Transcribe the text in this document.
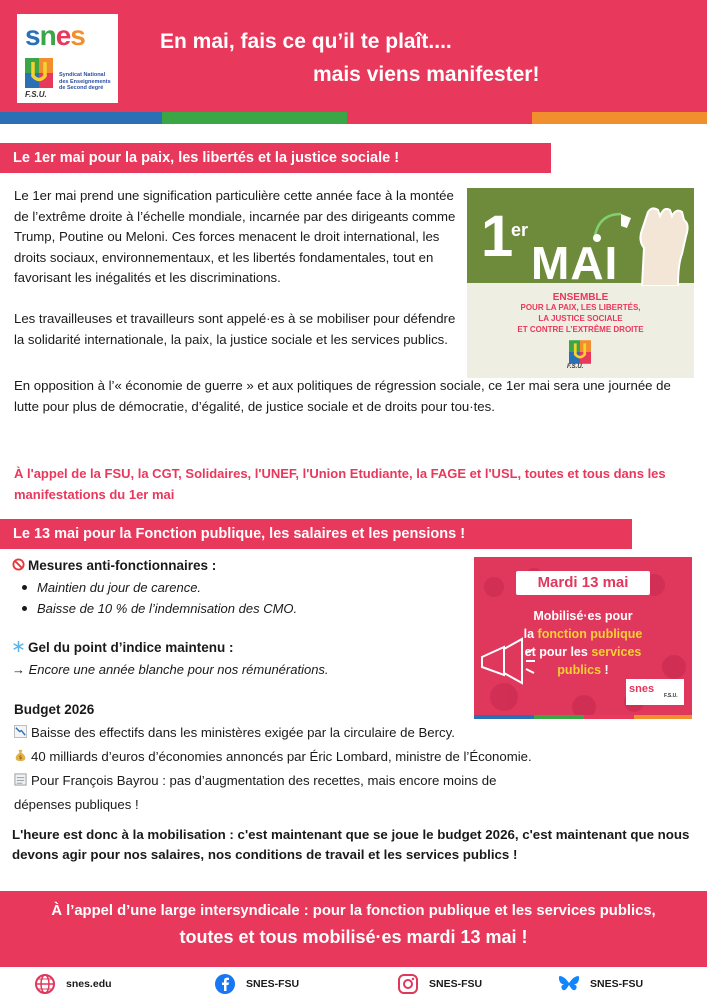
snes
F.S.U.
Syndicat National des Enseignements de Second degré
En mai, fais ce qu’il te plaît....
mais viens manifester!
Le 1er mai pour la paix, les libertés et la justice sociale !
Le 1er mai prend une signification particulière cette année face à la montée de l’extrême droite à l’échelle mondiale, incarnée par des dirigeants comme Trump, Poutine ou Meloni. Ces forces menacent le droit international, les droits sociaux, environnementaux, et les libertés fondamentales, tout en favorisant les inégalités et les discriminations.
Les travailleuses et travailleurs sont appelé·es à se mobiliser pour défendre la solidarité internationale, la paix, la justice sociale et les services publics.
En opposition à l’« économie de guerre » et aux politiques de régression sociale, ce 1er mai sera une journée de lutte pour plus de démocratie, d’égalité, de justice sociale et de droits pour tou·tes.
1
er
MAI
ENSEMBLE
POUR LA PAIX, LES LIBERTÉS,
LA JUSTICE SOCIALE
ET CONTRE L’EXTRÊME DROITE
F.S.U.
À l'appel de la FSU, la CGT, Solidaires, l'UNEF, l'Union Etudiante, la FAGE et l'USL, toutes et tous dans les manifestations du 1er mai
Le 13 mai pour la Fonction publique, les salaires et les pensions !
Mesures anti-fonctionnaires :
Maintien du jour de carence.
Baisse de 10 % de l’indemnisation des CMO.
Gel du point d’indice maintenu :
→ Encore une année blanche pour nos rémunérations.
Mardi 13 mai
Mobilisé·es pour
la fonction publique
et pour les services
publics !
snes
F.S.U.
Budget 2026
Baisse des effectifs dans les ministères exigée par la circulaire de Bercy.
$ 40 milliards d’euros d’économies annoncés par Éric Lombard, ministre de l’Économie.
Pour François Bayrou : pas d’augmentation des recettes, mais encore moins de
dépenses publiques !
L'heure est donc à la mobilisation : c'est maintenant que se joue le budget 2026, c'est maintenant que nous devons agir pour nos salaires, nos conditions de travail et les services publics !
À l’appel d’une large intersyndicale : pour la fonction publique et les services publics,
toutes et tous mobilisé·es mardi 13 mai !
snes.edu	SNES-FSU	SNES-FSU	SNES-FSU
